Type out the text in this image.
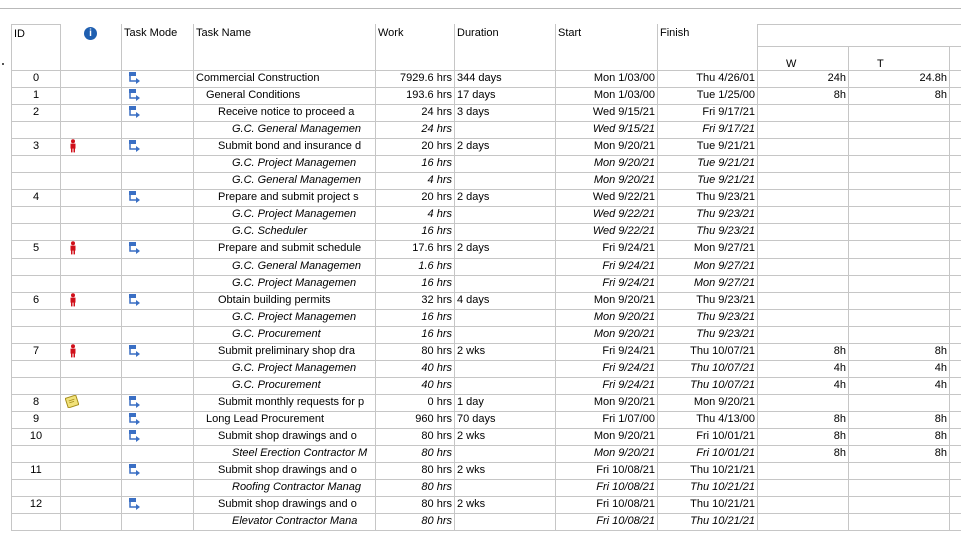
ID	i	Task Mode	Task Name	Work	Duration	Start	Finish
W	T
0	Commercial Construction	7929.6 hrs 344 days	Mon 1/03/00	Thu 4/26/01	24h	24.8h
1	General Conditions	193.6 hrs 17 days	Mon 1/03/00	Tue 1/25/00	8h	8h
2	Receive notice to proceed a	24 hrs 3 days	Wed 9/15/21	Fri 9/17/21
G.C. General Managemen	24 hrs	Wed 9/15/21	Fri 9/17/21
3	Submit bond and insurance d	20 hrs 2 days	Mon 9/20/21	Tue 9/21/21
G.C. Project Managemen	16 hrs	Mon 9/20/21	Tue 9/21/21
G.C. General Managemen	4 hrs	Mon 9/20/21	Tue 9/21/21
4	Prepare and submit project s	20 hrs 2 days	Wed 9/22/21	Thu 9/23/21
G.C. Project Managemen	4 hrs	Wed 9/22/21	Thu 9/23/21
G.C. Scheduler	16 hrs	Wed 9/22/21	Thu 9/23/21
5	Prepare and submit schedule	17.6 hrs 2 days	Fri 9/24/21	Mon 9/27/21
G.C. General Managemen	1.6 hrs	Fri 9/24/21	Mon 9/27/21
G.C. Project Managemen	16 hrs	Fri 9/24/21	Mon 9/27/21
6	Obtain building permits	32 hrs 4 days	Mon 9/20/21	Thu 9/23/21
G.C. Project Managemen	16 hrs	Mon 9/20/21	Thu 9/23/21
G.C. Procurement	16 hrs	Mon 9/20/21	Thu 9/23/21
7	Submit preliminary shop dra	80 hrs 2 wks	Fri 9/24/21	Thu 10/07/21	8h	8h
G.C. Project Managemen	40 hrs	Fri 9/24/21	Thu 10/07/21	4h	4h
G.C. Procurement	40 hrs	Fri 9/24/21	Thu 10/07/21	4h	4h
8	Submit monthly requests for p	0 hrs 1 day	Mon 9/20/21	Mon 9/20/21
9	Long Lead Procurement	960 hrs 70 days	Fri 1/07/00	Thu 4/13/00	8h	8h
10	Submit shop drawings and o	80 hrs 2 wks	Mon 9/20/21	Fri 10/01/21	8h	8h
Steel Erection Contractor M	80 hrs	Mon 9/20/21	Fri 10/01/21	8h	8h
11	Submit shop drawings and o	80 hrs 2 wks	Fri 10/08/21	Thu 10/21/21
Roofing Contractor Manag	80 hrs	Fri 10/08/21	Thu 10/21/21
12	Submit shop drawings and o	80 hrs 2 wks	Fri 10/08/21	Thu 10/21/21
Elevator Contractor Mana	80 hrs	Fri 10/08/21	Thu 10/21/21
